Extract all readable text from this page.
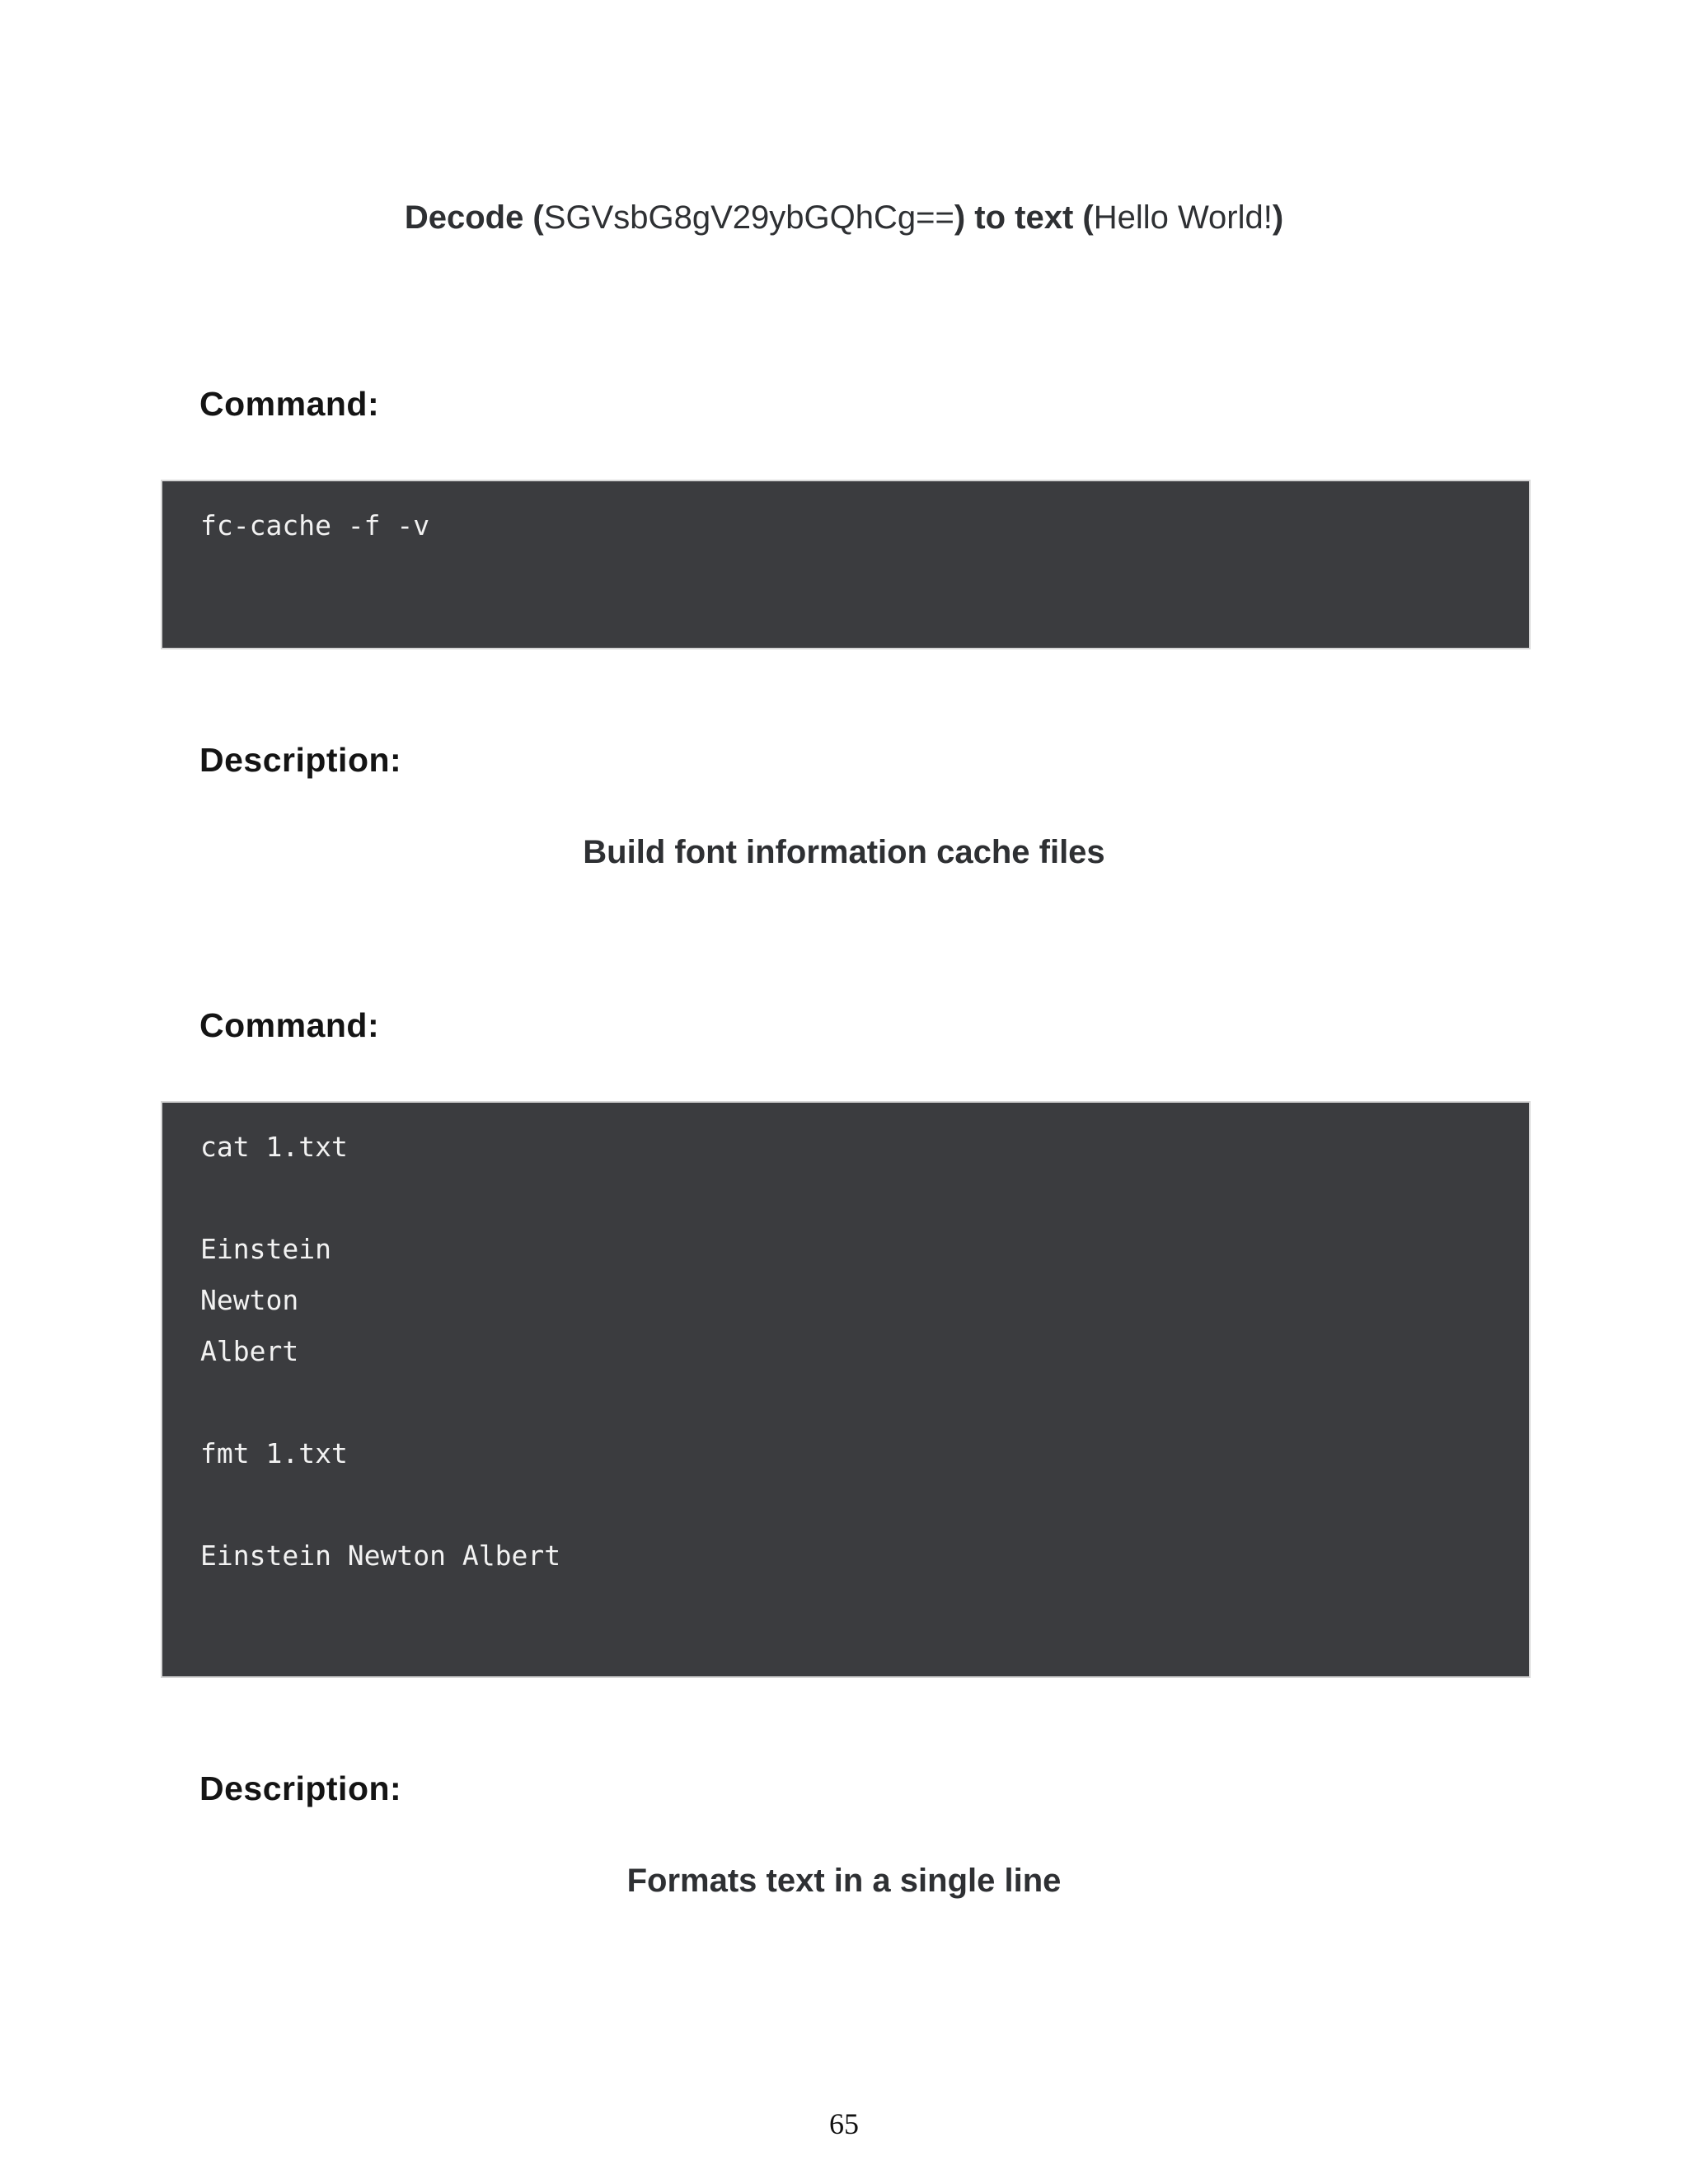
Decode (SGVsbG8gV29ybGQhCg==) to text (Hello World!)
Command:
fc-cache -f -v
Description:
Build font information cache files
Command:
cat 1.txt
Einstein
Newton
Albert
fmt 1.txt
Einstein Newton Albert
Description:
Formats text in a single line
65
